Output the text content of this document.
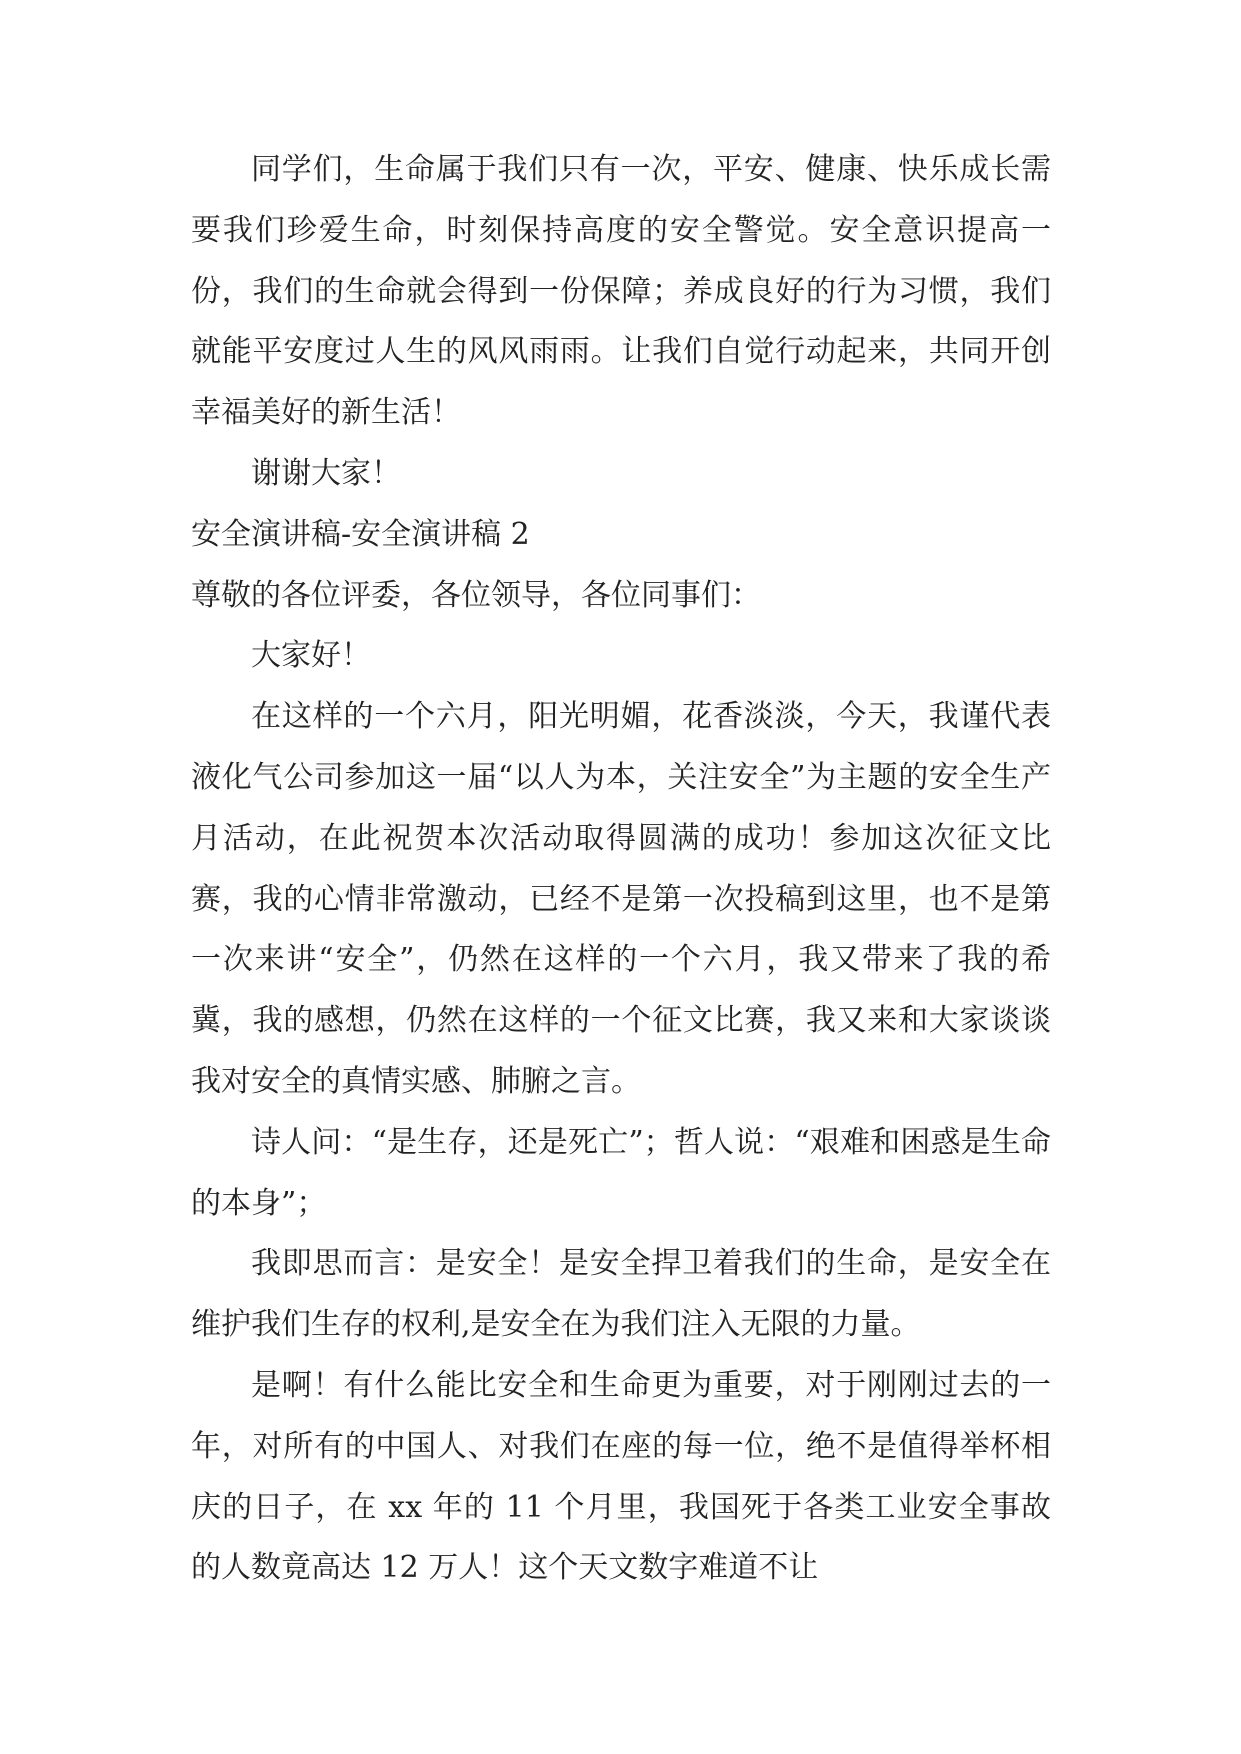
同学们，生命属于我们只有一次，平安、健康、快乐成长需要我们珍爱生命，时刻保持高度的安全警觉。安全意识提高一份，我们的生命就会得到一份保障；养成良好的行为习惯，我们就能平安度过人生的风风雨雨。让我们自觉行动起来，共同开创幸福美好的新生活！

谢谢大家！

安全演讲稿-安全演讲稿 2

尊敬的各位评委，各位领导，各位同事们：

大家好！

在这样的一个六月，阳光明媚，花香淡淡，今天，我谨代表液化气公司参加这一届“以人为本，关注安全”为主题的安全生产月活动，在此祝贺本次活动取得圆满的成功！参加这次征文比赛，我的心情非常激动，已经不是第一次投稿到这里，也不是第一次来讲“安全”，仍然在这样的一个六月，我又带来了我的希冀，我的感想，仍然在这样的一个征文比赛，我又来和大家谈谈我对安全的真情实感、肺腑之言。

诗人问：“是生存，还是死亡”；哲人说：“艰难和困惑是生命的本身”；

我即思而言：是安全！是安全捍卫着我们的生命，是安全在维护我们生存的权利,是安全在为我们注入无限的力量。

是啊！有什么能比安全和生命更为重要，对于刚刚过去的一年，对所有的中国人、对我们在座的每一位，绝不是值得举杯相庆的日子，在 xx 年的 11 个月里，我国死于各类工业安全事故的人数竟高达 12 万人！这个天文数字难道不让
